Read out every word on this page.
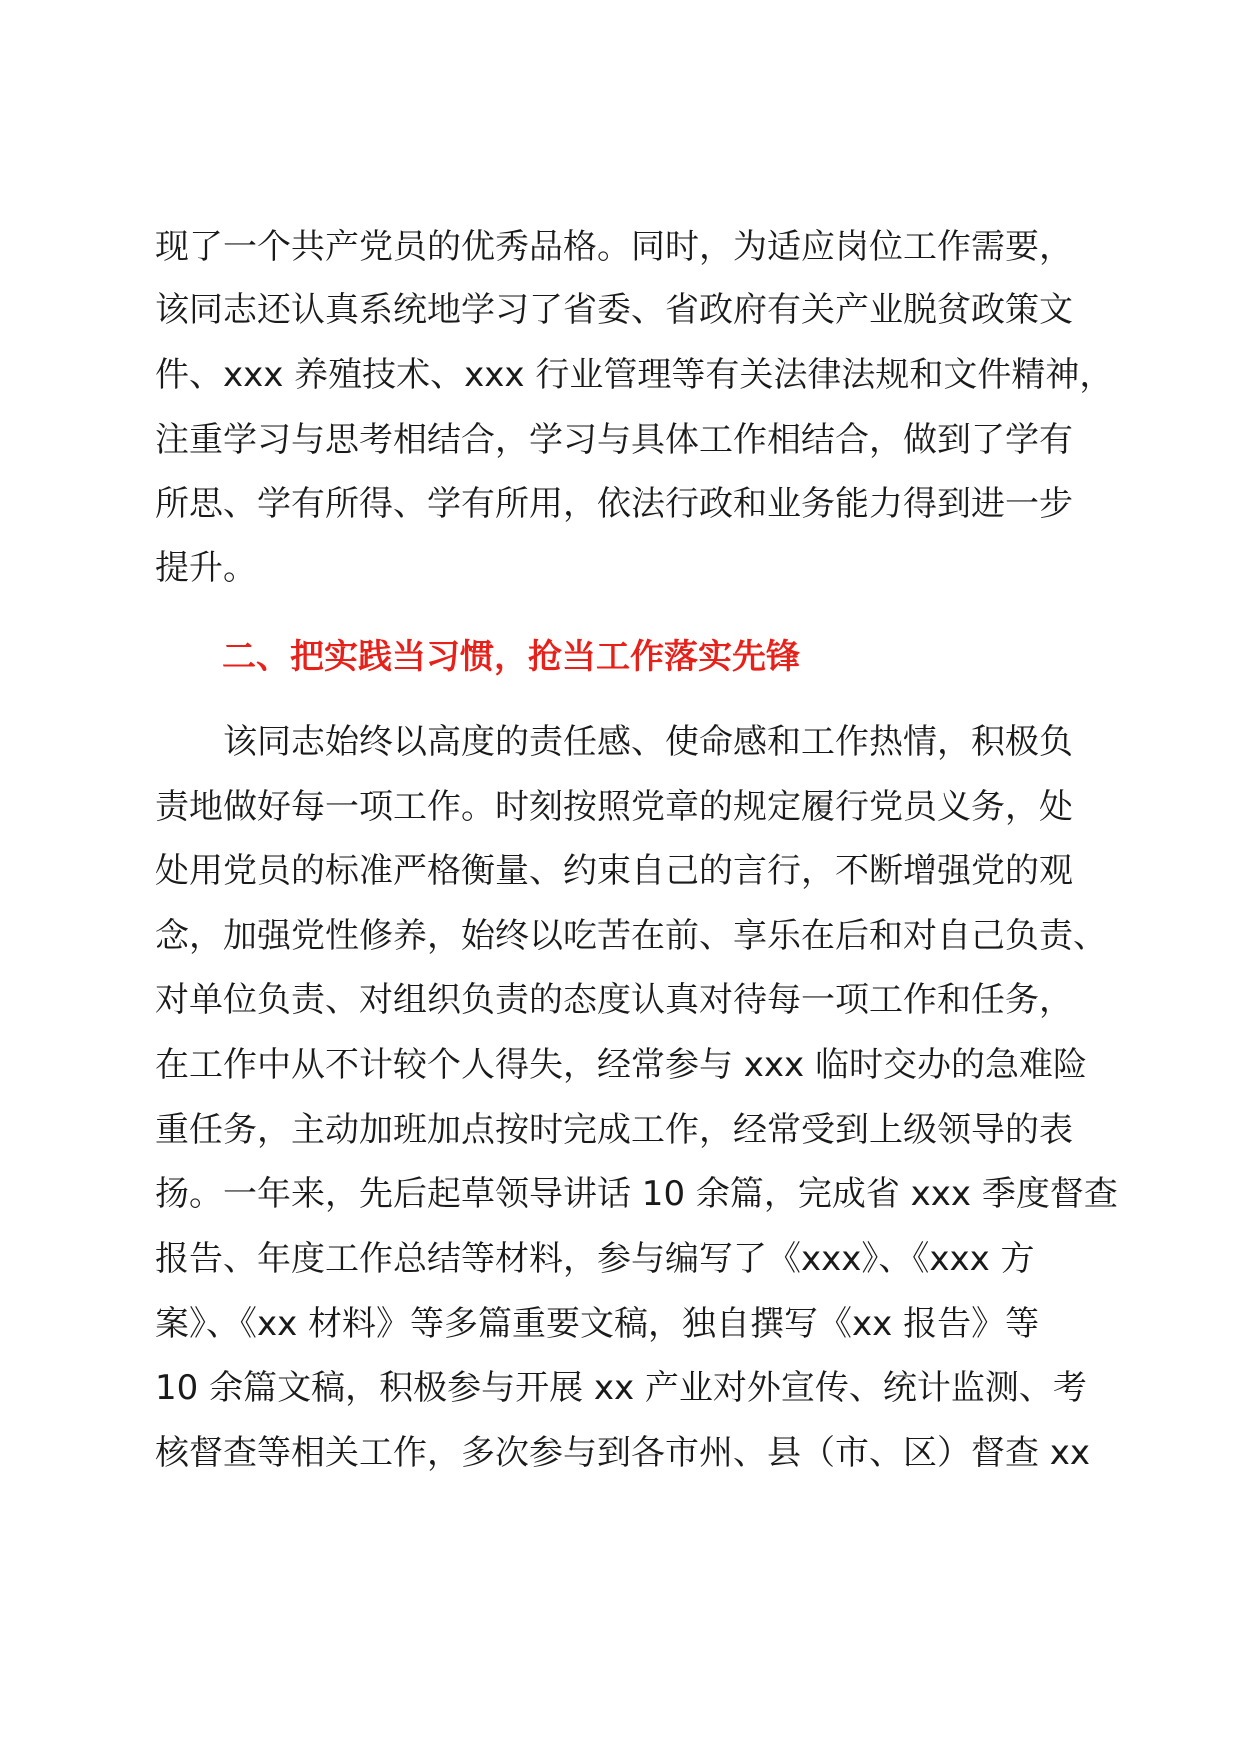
现了一个共产党员的优秀品格。同时，为适应岗位工作需要，
该同志还认真系统地学习了省委、省政府有关产业脱贫政策文
件、xxx 养殖技术、xxx 行业管理等有关法律法规和文件精神，
注重学习与思考相结合，学习与具体工作相结合，做到了学有
所思、学有所得、学有所用，依法行政和业务能力得到进一步
提升。
二、把实践当习惯，抢当工作落实先锋
　　该同志始终以高度的责任感、使命感和工作热情，积极负
责地做好每一项工作。时刻按照党章的规定履行党员义务，处
处用党员的标准严格衡量、约束自己的言行，不断增强党的观
念，加强党性修养，始终以吃苦在前、享乐在后和对自己负责、
对单位负责、对组织负责的态度认真对待每一项工作和任务，
在工作中从不计较个人得失，经常参与 xxx 临时交办的急难险
重任务，主动加班加点按时完成工作，经常受到上级领导的表
扬。一年来，先后起草领导讲话 10 余篇，完成省 xxx 季度督查
报告、年度工作总结等材料，参与编写了《xxx》、《xxx 方
案》、《xx 材料》等多篇重要文稿，独自撰写《xx 报告》等
10 余篇文稿，积极参与开展 xx 产业对外宣传、统计监测、考
核督查等相关工作，多次参与到各市州、县（市、区）督查 xx
